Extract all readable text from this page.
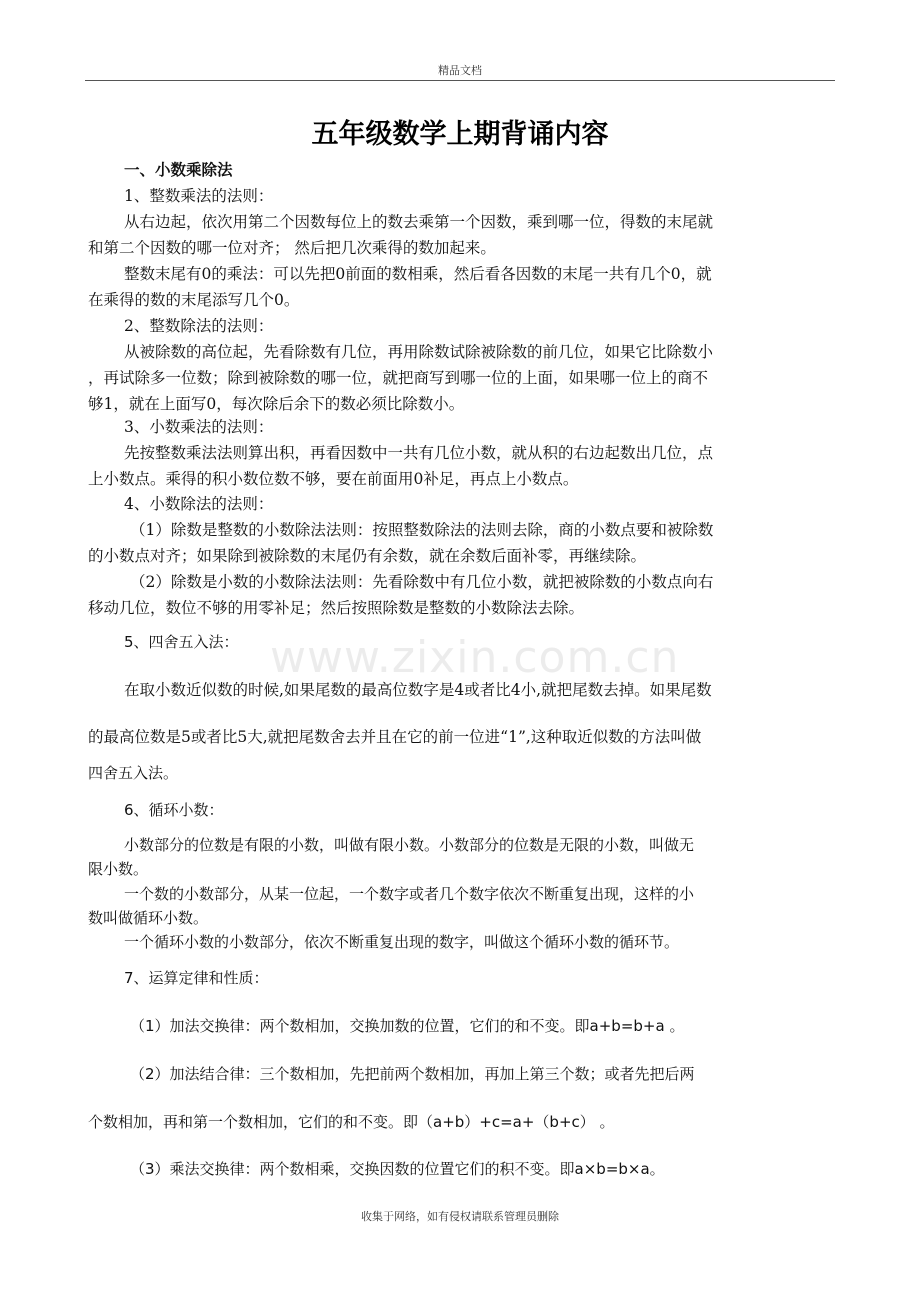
精品文档
www.zixin.com.cn
五年级数学上期背诵内容
一、小数乘除法
1、整数乘法的法则：
从右边起，依次用第二个因数每位上的数去乘第一个因数，乘到哪一位，得数的末尾就
和第二个因数的哪一位对齐； 然后把几次乘得的数加起来。
整数末尾有0的乘法：可以先把0前面的数相乘，然后看各因数的末尾一共有几个0，就
在乘得的数的末尾添写几个0。
2、整数除法的法则：
从被除数的高位起，先看除数有几位，再用除数试除被除数的前几位，如果它比除数小
，再试除多一位数；除到被除数的哪一位，就把商写到哪一位的上面，如果哪一位上的商不
够1，就在上面写0，每次除后余下的数必须比除数小。
3、小数乘法的法则：
先按整数乘法法则算出积，再看因数中一共有几位小数，就从积的右边起数出几位，点
上小数点。乘得的积小数位数不够，要在前面用0补足，再点上小数点。
4、小数除法的法则：
（1）除数是整数的小数除法法则：按照整数除法的法则去除，商的小数点要和被除数
的小数点对齐；如果除到被除数的末尾仍有余数，就在余数后面补零，再继续除。
（2）除数是小数的小数除法法则：先看除数中有几位小数，就把被除数的小数点向右
移动几位，数位不够的用零补足；然后按照除数是整数的小数除法去除。
5、四舍五入法：
在取小数近似数的时候,如果尾数的最高位数字是4或者比4小,就把尾数去掉。如果尾数
的最高位数是5或者比5大,就把尾数舍去并且在它的前一位进“1”,这种取近似数的方法叫做
四舍五入法。
6、循环小数：
小数部分的位数是有限的小数，叫做有限小数。小数部分的位数是无限的小数，叫做无
限小数。
一个数的小数部分，从某一位起，一个数字或者几个数字依次不断重复出现，这样的小
数叫做循环小数。
一个循环小数的小数部分，依次不断重复出现的数字，叫做这个循环小数的循环节。
7、运算定律和性质：
（1）加法交换律：两个数相加，交换加数的位置，它们的和不变。即a+b=b+a 。
（2）加法结合律：三个数相加，先把前两个数相加，再加上第三个数；或者先把后两
个数相加，再和第一个数相加，它们的和不变。即（a+b）+c=a+（b+c） 。
（3）乘法交换律：两个数相乘，交换因数的位置它们的积不变。即a×b=b×a。
收集于网络，如有侵权请联系管理员删除
